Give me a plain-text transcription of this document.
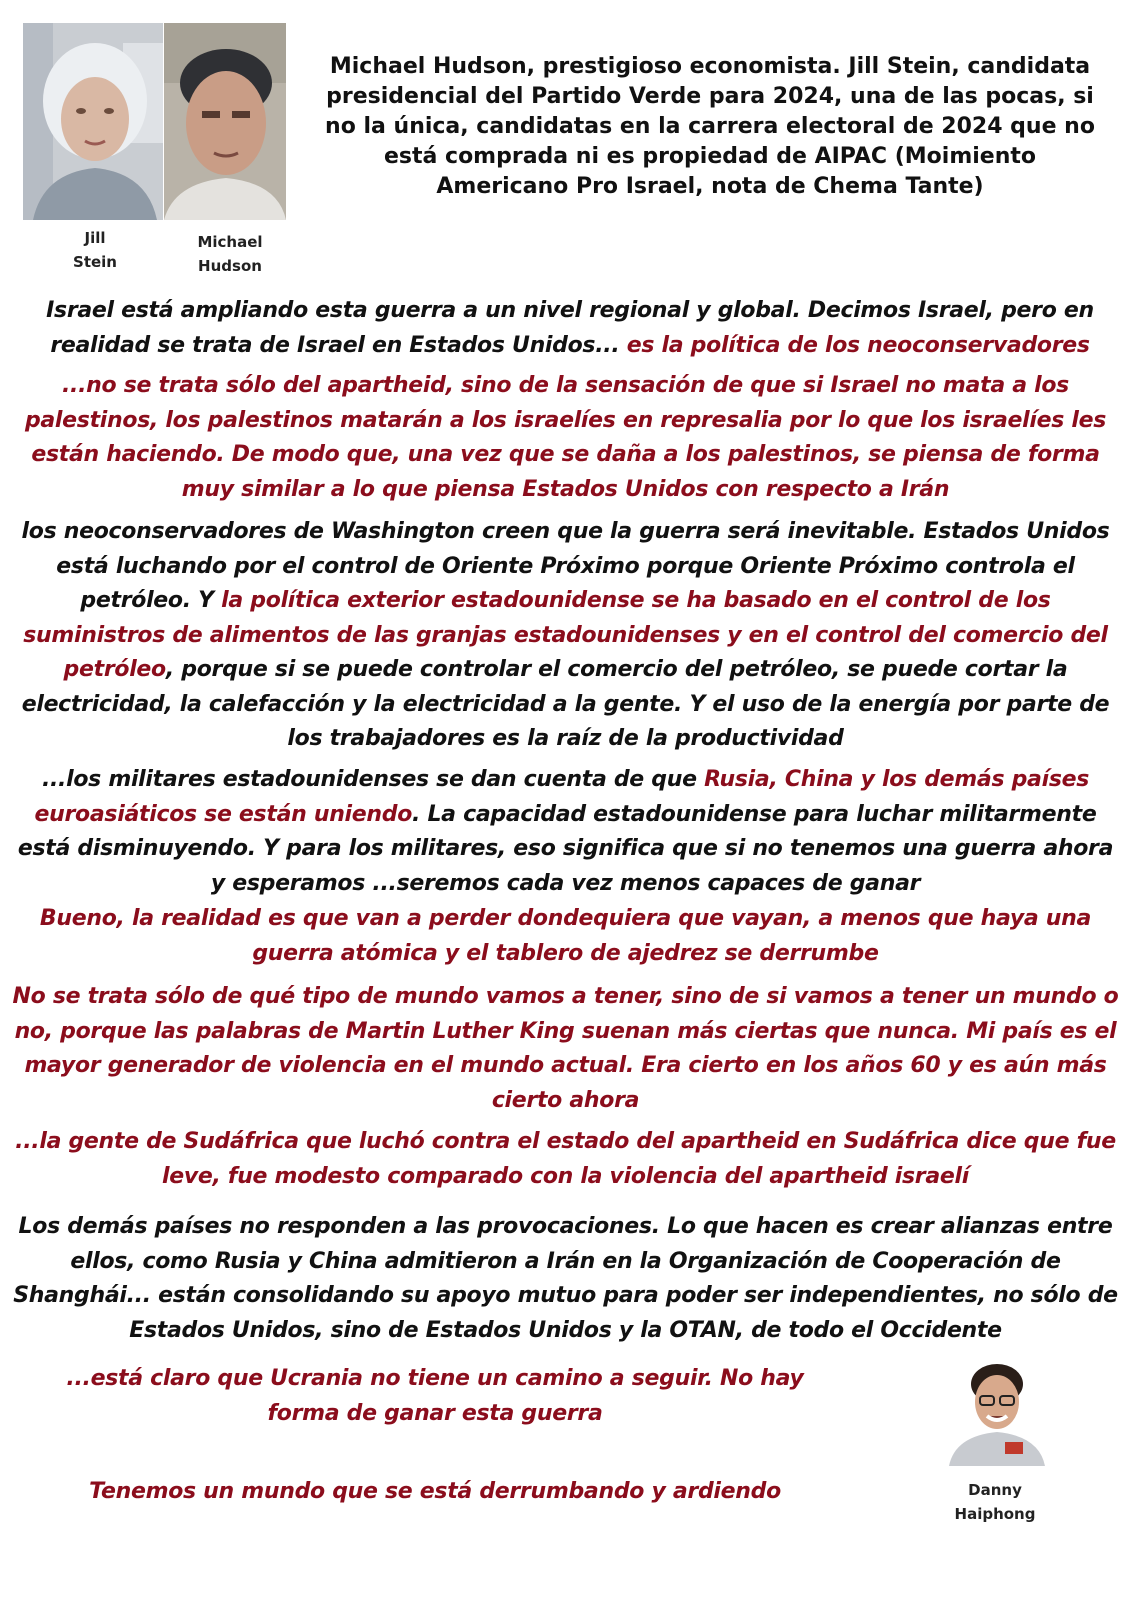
Jill
Stein
Michael
Hudson
Michael Hudson, prestigioso economista. Jill Stein, candidata presidencial del Partido Verde para 2024, una de las pocas, si no la única, candidatas en la carrera electoral de 2024 que no está comprada ni es propiedad de AIPAC (Moimiento Americano Pro Israel, nota de Chema Tante)
Israel está ampliando esta guerra a un nivel regional y global. Decimos Israel, pero en realidad se trata de Israel en Estados Unidos... es la política de los neoconservadores
...no se trata sólo del apartheid, sino de la sensación de que si Israel no mata a los palestinos, los palestinos matarán a los israelíes en represalia por lo que los israelíes les están haciendo. De modo que, una vez que se daña a los palestinos, se piensa de forma muy similar a lo que piensa Estados Unidos con respecto a Irán
los neoconservadores de Washington creen que la guerra será inevitable. Estados Unidos está luchando por el control de Oriente Próximo porque Oriente Próximo controla el petróleo. Y la política exterior estadounidense se ha basado en el control de los suministros de alimentos de las granjas estadounidenses y en el control del comercio del petróleo, porque si se puede controlar el comercio del petróleo, se puede cortar la electricidad, la calefacción y la electricidad a la gente. Y el uso de la energía por parte de los trabajadores es la raíz de la productividad
...los militares estadounidenses se dan cuenta de que Rusia, China y los demás países euroasiáticos se están uniendo. La capacidad estadounidense para luchar militarmente está disminuyendo. Y para los militares, eso significa que si no tenemos una guerra ahora y esperamos ...seremos cada vez menos capaces de ganar
Bueno, la realidad es que van a perder dondequiera que vayan, a menos que haya una guerra atómica y el tablero de ajedrez se derrumbe
No se trata sólo de qué tipo de mundo vamos a tener, sino de si vamos a tener un mundo o no, porque las palabras de Martin Luther King suenan más ciertas que nunca. Mi país es el mayor generador de violencia en el mundo actual. Era cierto en los años 60 y es aún más cierto ahora
...la gente de Sudáfrica que luchó contra el estado del apartheid en Sudáfrica dice que fue leve, fue modesto comparado con la violencia del apartheid israelí
Los demás países no responden a las provocaciones. Lo que hacen es crear alianzas entre ellos, como Rusia y China admitieron a Irán en la Organización de Cooperación de Shanghái... están consolidando su apoyo mutuo para poder ser independientes, no sólo de Estados Unidos, sino de Estados Unidos y la OTAN, de todo el Occidente
...está claro que Ucrania no tiene un camino a seguir. No hay forma de ganar esta guerra
Tenemos un mundo que se está derrumbando y ardiendo	Danny
Haiphong
